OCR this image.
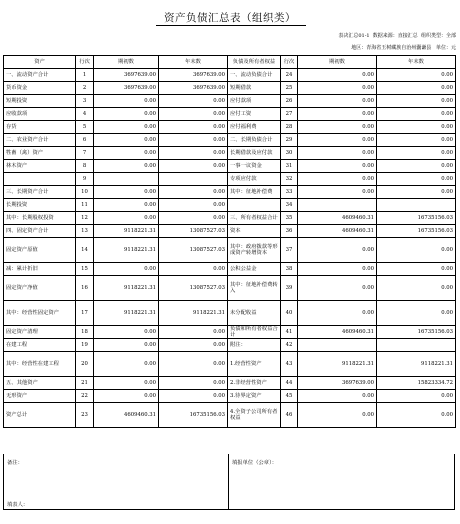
资产负债汇总表（组织类）
表决汇总01-1 数据来源：直接汇总 组织类型：全部
地区：青海省玉树藏族自治州囊谦县 单位：元
资产	行次	期初数	年末数	负债及所有者权益	行次	期初数	年末数
一、流动资产合计	1	3697639.00	3697639.00	一、流动负债合计	24	0.00	0.00
货币资金	2	3697639.00	3697639.00	短期借款	25	0.00	0.00
短期投资	3	0.00	0.00	应付款项	26	0.00	0.00
应收款项	4	0.00	0.00	应付工资	27	0.00	0.00
存货	5	0.00	0.00	应付福利费	28	0.00	0.00
二、农业资产合计	6	0.00	0.00	二、长期负债合计	29	0.00	0.00
牲畜（禽）资产	7	0.00	0.00	长期借款及应付款	30	0.00	0.00
林木资产	8	0.00	0.00	一事一议资金	31	0.00	0.00
	9			专项应付款	32	0.00	0.00
三、长期资产合计	10	0.00	0.00	其中：征地补偿费	33	0.00	0.00
长期投资	11	0.00	0.00		34		
其中：长期股权投资	12	0.00	0.00	三、所有者权益合计	35	4609460.31	16735156.03
四、固定资产合计	13	9118221.31	13087527.03	资本	36	4609460.31	16735156.03
固定资产原值	14	9118221.31	13087527.03	其中：政府拨款等形成资产转增资本	37	0.00	0.00
减：累计折旧	15	0.00	0.00	公积公益金	38	0.00	0.00
固定资产净值	16	9118221.31	13087527.03	其中：征地补偿费转入	39	0.00	0.00
其中：经营性固定资产	17	9118221.31	9118221.31	未分配收益	40	0.00	0.00
固定资产清理	18	0.00	0.00	负债和所有者权益合计	41	4609460.31	16735156.03
在建工程	19	0.00	0.00	附注：	42		
其中：经营性在建工程	20	0.00	0.00	1.经营性资产	43	9118221.31	9118221.31
五、其他资产	21	0.00	0.00	2.非经营性资产	44	3697639.00	15823334.72
无形资产	22	0.00	0.00	3.待界定资产	45	0.00	0.00
资产总计	23	4609460.31	16735156.03	4.全资子公司所有者权益	46	0.00	0.00
备注：	填报单位（公章）：
填表人：
